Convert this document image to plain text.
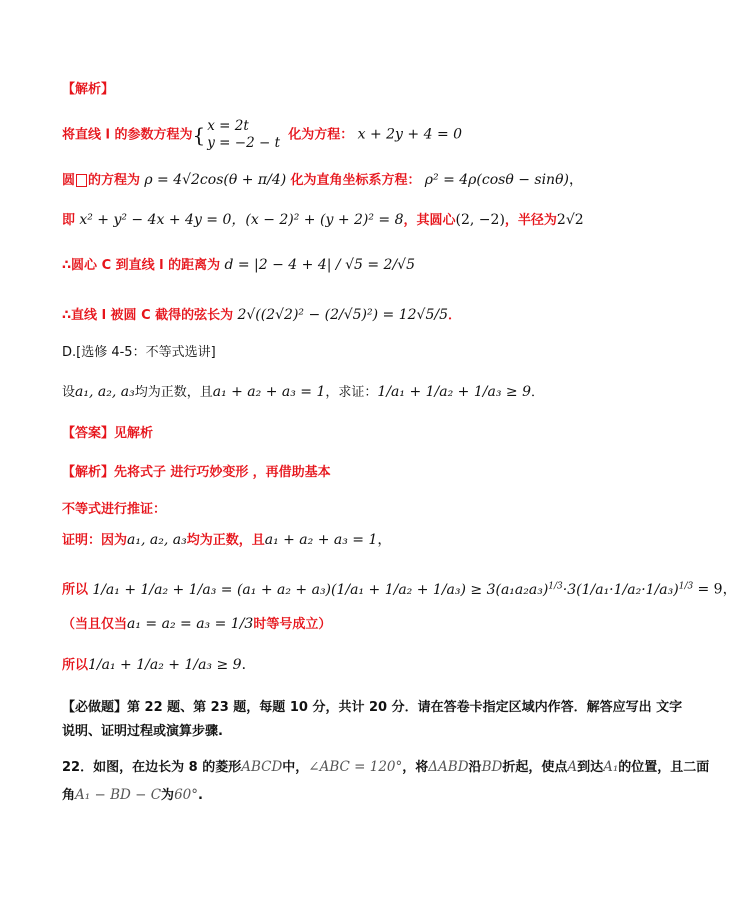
【解析】
将直线 l 的参数方程为{ x = 2t
y = −2 − t 化为方程： x + 2y + 4 = 0
圆 的方程为 ρ = 4√2cos(θ + π/4) 化为直角坐标系方程： ρ² = 4ρ(cosθ − sinθ)，
即 x² + y² − 4x + 4y = 0，(x − 2)² + (y + 2)² = 8，其圆心(2, −2)，半径为2√2
∴圆心 C 到直线 l 的距离为 d = |2 − 4 + 4| / √5 = 2/√5
∴直线 l 被圆 C 截得的弦长为 2√((2√2)² − (2/√5)²) = 12√5/5．
D.[选修 4-5：不等式选讲]
设a₁, a₂, a₃均为正数，且a₁ + a₂ + a₃ = 1，求证：1/a₁ + 1/a₂ + 1/a₃ ≥ 9．
【答案】见解析
【解析】先将式子 进行巧妙变形 ，再借助基本
不等式进行推证：
证明：因为a₁, a₂, a₃均为正数，且a₁ + a₂ + a₃ = 1，
所以 $1/a_1 + 1/a_2 + 1/a_3 = (a_1 + a_2 + a_3)(1/a_1 + 1/a_2 + 1/a_3) \ge 3(a_1a_2a_3)^{1/3}\cdot 3(1/a_1\cdot 1/a_2\cdot 1/a_3)^{1/3} = 9$，
（当且仅当a₁ = a₂ = a₃ = 1/3时等号成立）
所以1/a₁ + 1/a₂ + 1/a₃ ≥ 9．
【必做题】第 22 题、第 23 题，每题 10 分，共计 20 分．请在答卷卡指定区域内作答．解答应写出 文字
说明、证明过程或演算步骤.
22．如图，在边长为 8 的菱形ABCD中，∠ABC = 120°，将ΔABD沿BD折起，使点A到达A₁的位置，且二面
角A₁ − BD − C为60°.
